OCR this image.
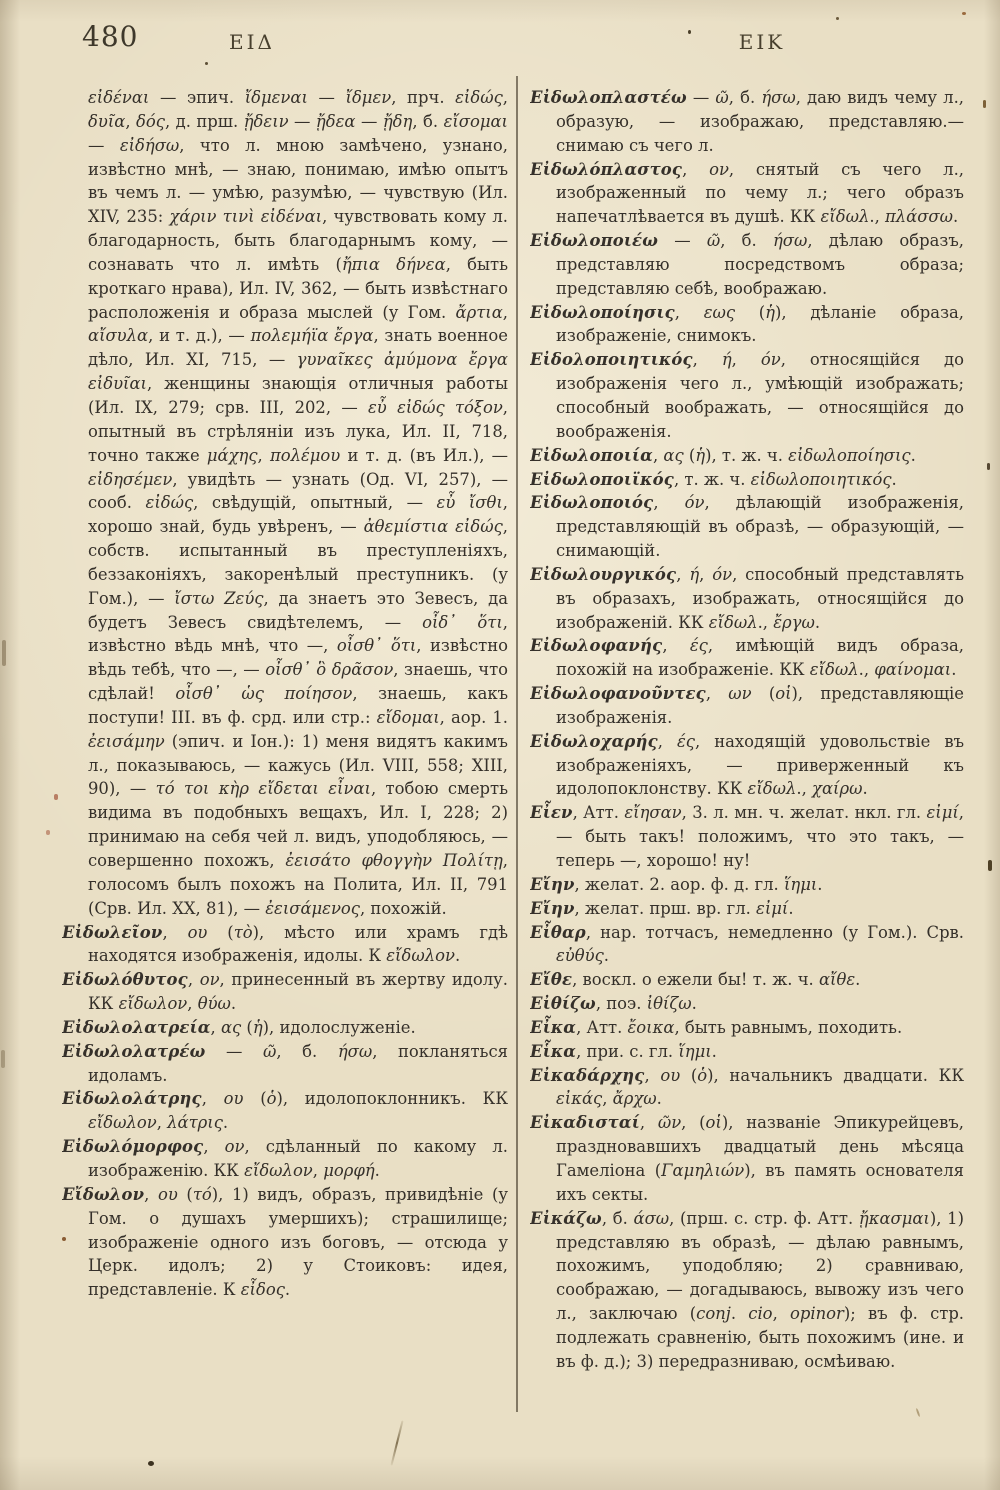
480	ΕΙΔ	ΕΙΚ

εἰδέναι — эпич. ἴδμεναι — ἴδμεν, прч. εἰδώς, δυῖα, δός, д. прш. ᾔδειν — ᾔδεα — ᾔδη, б. εἴσομαι — εἰδήσω, что л. мною замѣчено, узнано, извѣстно мнѣ, — знаю, понимаю, имѣю опытъ въ чемъ л. — умѣю, разумѣю, — чувствую (Ил. XIV, 235: χάριν τινὶ εἰδέναι, чувствовать кому л. благодарность, быть благодарнымъ кому, — сознавать что л. имѣть (ἤπια δήνεα, быть кроткаго нрава), Ил. IV, 362, — быть извѣстнаго расположенія и образа мыслей (у Гом. ἄρτια, αἴσυλα, и т. д.), — πολεμήϊα ἔργα, знать военное дѣло, Ил. XI, 715, — γυναῖκες ἀμύμονα ἔργα εἰδυῖαι, женщины знающія отличныя работы (Ил. IX, 279; срв. III, 202, — εὖ εἰδώς τόξον, опытный въ стрѣляніи изъ лука, Ил. II, 718, точно также μάχης, πολέμου и т. д. (въ Ил.), — εἰδησέμεν, увидѣть — узнать (Од. VI, 257), — сооб. εἰδώς, свѣдущій, опытный, — εὖ ἴσθι, хорошо знай, будь увѣренъ, — ἀθεμίστια εἰδώς, собств. испытанный въ преступленіяхъ, беззаконіяхъ, закоренѣлый преступникъ. (у Гом.), — ἴστω Ζεύς, да знаетъ это Зевесъ, да будетъ Зевесъ свидѣтелемъ, — οἶδ᾽ ὅτι, извѣстно вѣдь мнѣ, что —, οἶσθ᾽ ὅτι, извѣстно вѣдь тебѣ, что —, — οἶσθ᾽ ὃ δρᾶσον, знаешь, что сдѣлай! οἶσθ᾽ ὡς ποίησον, знаешь, какъ поступи! III. въ ф. срд. или стр.: εἴδομαι, аор. 1. ἐεισάμην (эпич. и Іон.): 1) меня видятъ какимъ л., показываюсь, — кажусь (Ил. VIII, 558; XIII, 90), — τό τοι κὴρ εἴδεται εἶναι, тобою смерть видима въ подобныхъ вещахъ, Ил. I, 228; 2) принимаю на себя чей л. видъ, уподобляюсь, — совершенно похожъ, ἐεισάτο φθογγὴν Πολίτῃ, голосомъ былъ похожъ на Полита, Ил. II, 791 (Срв. Ил. XX, 81), — ἐεισάμενος, похожій.

Εἰδωλεῖον, ου (τὸ), мѣсто или храмъ гдѣ находятся изображенія, идолы. К εἴδωλον.

Εἰδωλόθυτος, ον, принесенный въ жертву идолу. КК εἴδωλον, θύω.

Εἰδωλολατρεία, ας (ἡ), идолослуженіе.

Εἰδωλολατρέω — ῶ, б. ήσω, покланяться идоламъ.

Εἰδωλολάτρης, ου (ὁ), идолопоклонникъ. КК εἴδωλον, λάτρις.

Εἰδωλόμορφος, ον, сдѣланный по какому л. изображенію. КК εἴδωλον, μορφή.

Εἴδωλον, ου (τό), 1) видъ, образъ, привидѣніе (у Гом. о душахъ умершихъ); страшилище; изображеніе одного изъ боговъ, — отсюда у Церк. идолъ; 2) у Стоиковъ: идея, представленіе. К εἶδος.

Εἰδωλοπλαστέω — ῶ, б. ήσω, даю видъ чему л., образую, — изображаю, представляю.— снимаю съ чего л.

Εἰδωλόπλαστος, ον, снятый съ чего л., изображенный по чему л.; чего образъ напечатлѣвается въ душѣ. КК εἴδωλ., πλάσσω.

Εἰδωλοποιέω — ῶ, б. ήσω, дѣлаю образъ, представляю посредствомъ образа; представляю себѣ, воображаю.

Εἰδωλοποίησις, εως (ἡ), дѣланіе образа, изображеніе, снимокъ.

Εἰδολοποιητικός, ή, όν, относящійся до изображенія чего л., умѣющій изображать; способный воображать, — относящійся до воображенія.

Εἰδωλοποιία, ας (ἡ), т. ж. ч. εἰδωλοποίησις.

Εἰδωλοποιϊκός, т. ж. ч. εἰδωλοποιητικός.

Εἰδωλοποιός, όν, дѣлающій изображенія, представляющій въ образѣ, — образующій, — снимающій.

Εἰδωλουργικός, ή, όν, способный представлять въ образахъ, изображать, относящійся до изображеній. КК εἴδωλ., ἔργω.

Εἰδωλοφανής, ές, имѣющій видъ образа, похожій на изображеніе. КК εἴδωλ., φαίνομαι.

Εἰδωλοφανοῦντες, ων (οἱ), представляющіе изображенія.

Εἰδωλοχαρής, ές, находящій удовольствіе въ изображеніяхъ, — приверженный къ идолопоклонству. КК εἴδωλ., χαίρω.

Εἶεν, Атт. εἴησαν, 3. л. мн. ч. желат. нкл. гл. εἰμί, — быть такъ! положимъ, что это такъ, — теперь —, хорошо! ну!

Εἴην, желат. 2. аор. ф. д. гл. ἵημι.

Εἴην, желат. прш. вр. гл. εἰμί.

Εἶθαρ, нар. тотчасъ, немедленно (у Гом.). Срв. εὐθύς.

Εἴθε, воскл. о ежели бы! т. ж. ч. αἴθε.

Εἰθίζω, поэ. ἰθίζω.

Εἶκα, Атт. ἔοικα, быть равнымъ, походить.

Εἷκα, при. с. гл. ἵημι.

Εἰκαδάρχης, ου (ὁ), начальникъ двадцати. КК εἰκάς, ἄρχω.

Εἰκαδισταί, ῶν, (οἱ), названіе Эпикурейцевъ, праздновавшихъ двадцатый день мѣсяца Гамеліона (Γαμηλιών), въ память основателя ихъ секты.

Εἰκάζω, б. άσω, (прш. с. стр. ф. Атт. ᾔκασμαι), 1) представляю въ образѣ, — дѣлаю равнымъ, похожимъ, уподобляю; 2) сравниваю, соображаю, — догадываюсь, вывожу изъ чего л., заключаю (conj. cio, opinor); въ ф. стр. подлежать сравненію, быть похожимъ (ине. и въ ф. д.); 3) передразниваю, осмѣиваю.
